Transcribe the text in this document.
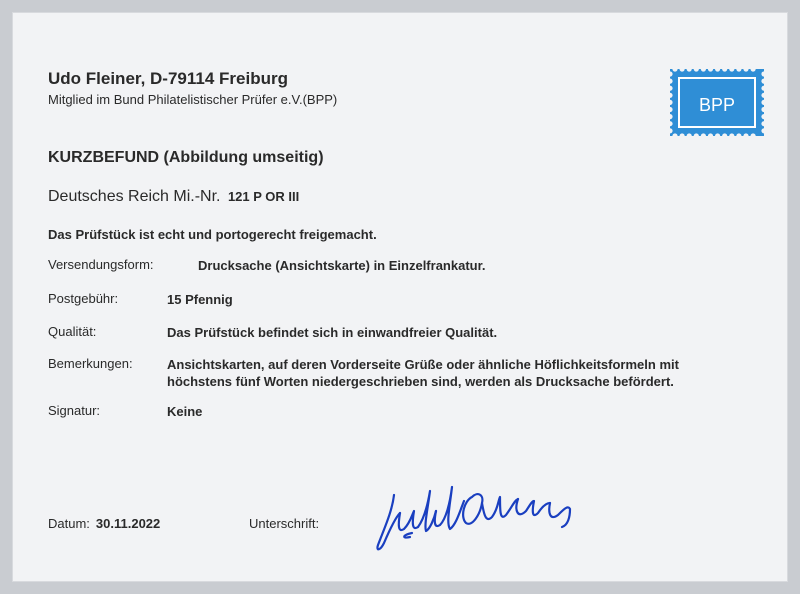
Udo Fleiner, D-79114 Freiburg
Mitglied im Bund Philatelistischer Prüfer e.V.(BPP)	BPP
KURZBEFUND (Abbildung umseitig)
Deutsches Reich Mi.-Nr. 121 P OR III
Das Prüfstück ist echt und portogerecht freigemacht.
Versendungsform:	Drucksache (Ansichtskarte) in Einzelfrankatur.
Postgebühr:	15 Pfennig
Qualität:	Das Prüfstück befindet sich in einwandfreier Qualität.
Bemerkungen:	Ansichtskarten, auf deren Vorderseite Grüße oder ähnliche Höflichkeitsformeln mit
höchstens fünf Worten niedergeschrieben sind, werden als Drucksache befördert.
Signatur:	Keine
Datum: 30.11.2022	Unterschrift:
